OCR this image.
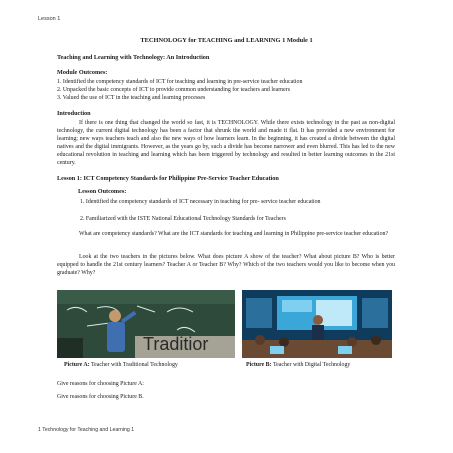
Lesson 1
TECHNOLOGY for TEACHING and LEARNING 1 Module 1
Teaching and Learning with Technology: An Introduction
Module Outcomes:
1. Identified the competency standards of ICT for teaching and learning in pre-service teacher education
2. Unpacked the basic concepts of ICT to provide common understanding for teachers and learners
3. Valued the use of ICT in the teaching and learning processes
Introduction
If there is one thing that changed the world so fast, it is TECHNOLOGY. While there exists technology in the past as non-digital technology, the current digital technology has been a factor that shrunk the world and made it flat. It has provided a new environment for learning; new ways teachers teach and also the new ways of how learners learn. In the beginning, it has created a divide between the digital natives and the digital immigrants. However, as the years go by, such a divide has become narrower and even blurred. This has led to the new educational revolution in teaching and learning which has been triggered by technology and resulted in better learning outcomes in the 21st century.
Lesson 1: ICT Competency Standards for Philippine Pre-Service Teacher Education
Lesson Outcomes:
1. Identified the competency standards of ICT necessary in teaching for pre- service teacher education
2. Familiarized with the ISTE National Educational Technology Standards for Teachers
What are competency standards? What are the ICT standards for teaching and learning in Philippine pre-service teacher education?
Look at the two teachers in the pictures below. What does picture A show of the teacher? What about picture B? Who is better equipped to handle the 21st century learners? Teacher A or Teacher B? Why? Which of the two teachers would you like to become when you graduate? Why?
Traditior
Picture A: Teacher with Traditional Technology	Picture B: Teacher with Digital Technology
Give reasons for choosing Picture A:
Give reasons for choosing Picture B.
1 Technology for Teaching and Learning 1
